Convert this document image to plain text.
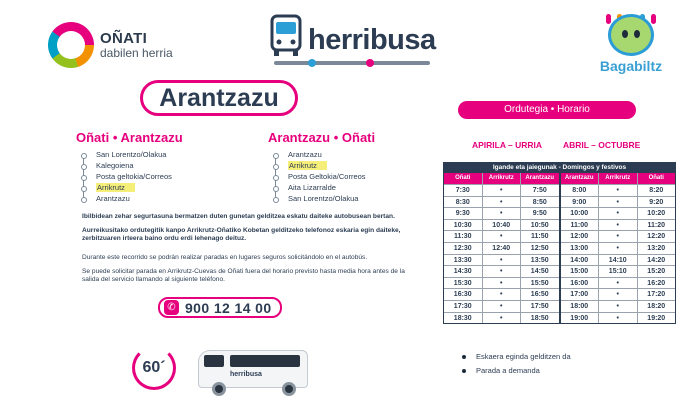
OÑATI
dabilen herria	herribusa
Bagabiltz
Arantzazu
Oñati • Arantzazu
San Lorentzo/Olakua
Kalegoiena
Posta geltokia/Correos
Arrikrutz
Arantzazu
Arantzazu • Oñati
Arantzazu
Arrikrutz
Posta Geltokia/Correos
Aita Lizarralde
San Lorentzo/Olakua
Ibilbidean zehar segurtasuna bermatzen duten gunetan gelditzea eskatu daiteke autobusean bertan.
Aurreikusitako ordutegitik kanpo Arrikrutz-Oñatiko Kobetan gelditzeko telefonoz eskaria egin daiteke, zerbitzuaren irteera baino ordu erdi lehenago deituz.
Durante este recorrido se podrán realizar paradas en lugares seguros solicitándolo en el autobús.
Se puede solicitar parada en Arrikrutz-Cuevas de Oñati fuera del horario previsto hasta media hora antes de la salida del servicio llamando al siguiente teléfono.
✆ 900 12 14 00
60´	herribusa
Ordutegia • Horario
APIRILA – URRIA ABRIL – OCTUBRE
Igande eta jaiegunak - Domingos y festivos
Oñati	Arrikrutz	Arantzazu
7:30	•	7:50
8:30	•	8:50
9:30	•	9:50
10:30	10:40	10:50
11:30	•	11:50
12:30	12:40	12:50
13:30	•	13:50
14:30	•	14:50
15:30	•	15:50
16:30	•	16:50
17:30	•	17:50
18:30	•	18:50
Arantzazu	Arrikrutz	Oñati
8:00	•	8:20
9:00	•	9:20
10:00	•	10:20
11:00	•	11:20
12:00	•	12:20
13:00	•	13:20
14:00	14:10	14:20
15:00	15:10	15:20
16:00	•	16:20
17:00	•	17:20
18:00	•	18:20
19:00	•	19:20
Eskaera eginda gelditzen da
Parada a demanda
